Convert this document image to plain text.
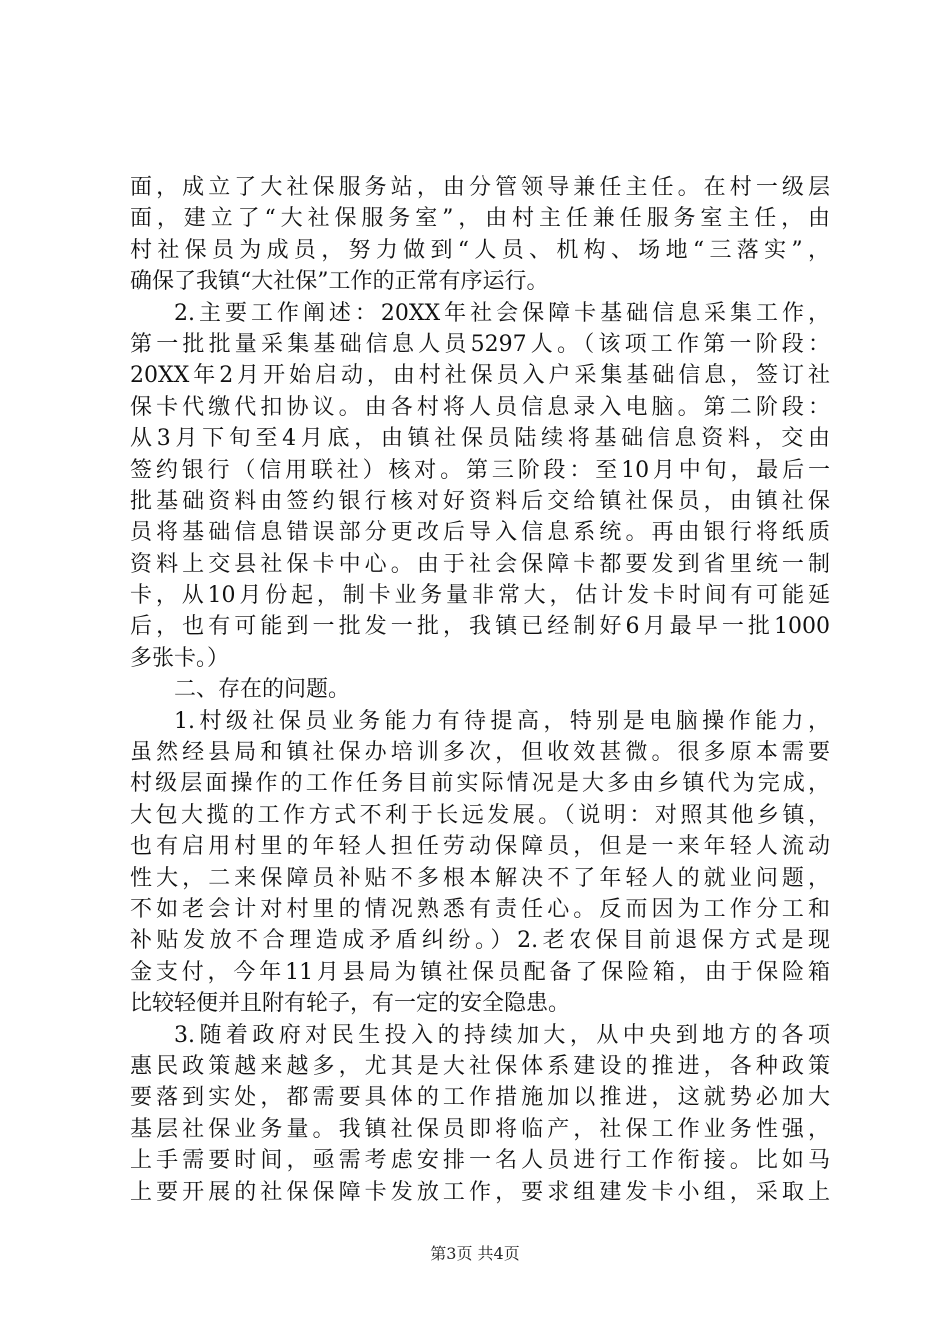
面，成立了大社保服务站，由分管领导兼任主任。在村一级层
面，建立了“大社保服务室”，由村主任兼任服务室主任，由
村社保员为成员，努力做到“人员、机构、场地“三落实”，
确保了我镇“大社保”工作的正常有序运行。
2.主要工作阐述：20XX年社会保障卡基础信息采集工作，
第一批批量采集基础信息人员5297人。（该项工作第一阶段：
20XX年2月开始启动，由村社保员入户采集基础信息，签订社
保卡代缴代扣协议。由各村将人员信息录入电脑。第二阶段：
从3月下旬至4月底，由镇社保员陆续将基础信息资料，交由
签约银行（信用联社）核对。第三阶段：至10月中旬，最后一
批基础资料由签约银行核对好资料后交给镇社保员，由镇社保
员将基础信息错误部分更改后导入信息系统。再由银行将纸质
资料上交县社保卡中心。由于社会保障卡都要发到省里统一制
卡，从10月份起，制卡业务量非常大，估计发卡时间有可能延
后，也有可能到一批发一批，我镇已经制好6月最早一批1000
多张卡。）
二、存在的问题。
1.村级社保员业务能力有待提高，特别是电脑操作能力，
虽然经县局和镇社保办培训多次，但收效甚微。很多原本需要
村级层面操作的工作任务目前实际情况是大多由乡镇代为完成，
大包大揽的工作方式不利于长远发展。（说明：对照其他乡镇，
也有启用村里的年轻人担任劳动保障员，但是一来年轻人流动
性大，二来保障员补贴不多根本解决不了年轻人的就业问题，
不如老会计对村里的情况熟悉有责任心。反而因为工作分工和
补贴发放不合理造成矛盾纠纷。）2.老农保目前退保方式是现
金支付，今年11月县局为镇社保员配备了保险箱，由于保险箱
比较轻便并且附有轮子，有一定的安全隐患。
3.随着政府对民生投入的持续加大，从中央到地方的各项
惠民政策越来越多，尤其是大社保体系建设的推进，各种政策
要落到实处，都需要具体的工作措施加以推进，这就势必加大
基层社保业务量。我镇社保员即将临产，社保工作业务性强，
上手需要时间，亟需考虑安排一名人员进行工作衔接。比如马
上要开展的社保保障卡发放工作，要求组建发卡小组，采取上
第3页 共4页
